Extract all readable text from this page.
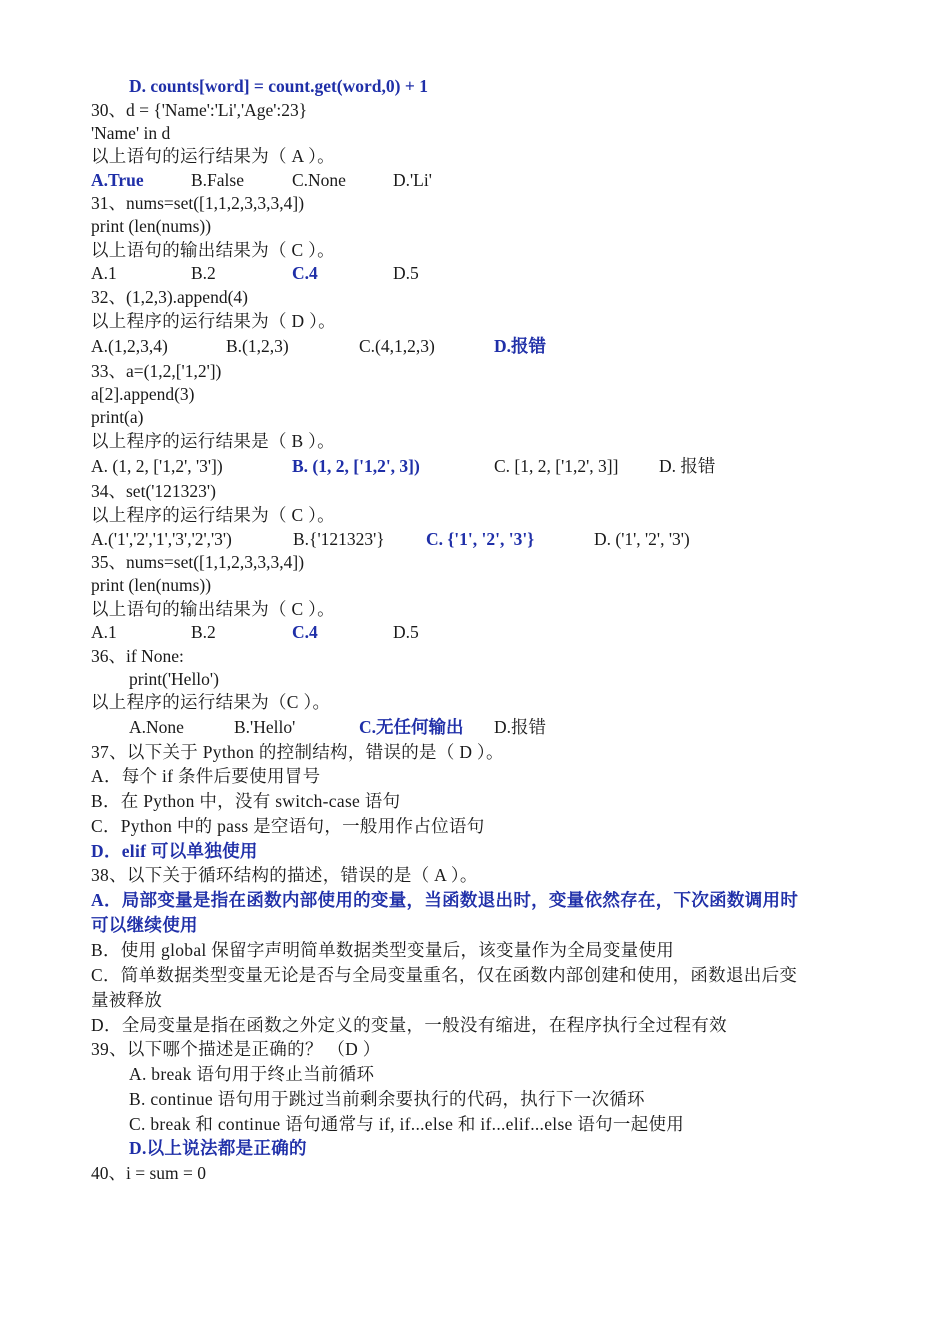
D. counts[word] = count.get(word,0) + 1
30、d = {'Name':'Li','Age':23}
'Name' in d
以上语句的运行结果为（ A ）。
A.True	B.False	C.None	D.'Li'
31、nums=set([1,1,2,3,3,3,4])
print (len(nums))
以上语句的输出结果为（ C ）。
A.1	B.2	C.4	D.5
32、(1,2,3).append(4)
以上程序的运行结果为（ D ）。
A.(1,2,3,4)	B.(1,2,3)	C.(4,1,2,3)	D.报错
33、a=(1,2,['1,2'])
a[2].append(3)
print(a)
以上程序的运行结果是（ B ）。
A. (1, 2, ['1,2', '3'])	B. (1, 2, ['1,2', 3])	C. [1, 2, ['1,2', 3]] D. 报错
34、set('121323')
以上程序的运行结果为（ C ）。
A.('1','2','1','3','2','3')	B.{'121323'} C. {'1', '2', '3'}	D. ('1', '2', '3')
35、nums=set([1,1,2,3,3,3,4])
print (len(nums))
以上语句的输出结果为（ C ）。
A.1	B.2	C.4	D.5
36、if None:
print('Hello')
以上程序的运行结果为（C ）。
A.None	B.'Hello'	C.无任何输出 D.报错
37、以下关于 Python 的控制结构，错误的是（ D ）。
A．每个 if 条件后要使用冒号
B．在 Python 中，没有 switch-case 语句
C．Python 中的 pass 是空语句，一般用作占位语句
D．elif 可以单独使用
38、以下关于循环结构的描述，错误的是（ A ）。
A．局部变量是指在函数内部使用的变量，当函数退出时，变量依然存在，下次函数调用时
可以继续使用
B．使用 global 保留字声明简单数据类型变量后，该变量作为全局变量使用
C．简单数据类型变量无论是否与全局变量重名，仅在函数内部创建和使用，函数退出后变
量被释放
D．全局变量是指在函数之外定义的变量，一般没有缩进，在程序执行全过程有效
39、以下哪个描述是正确的？ （D ）
A. break 语句用于终止当前循环
B. continue 语句用于跳过当前剩余要执行的代码，执行下一次循环
C. break 和 continue 语句通常与 if, if...else 和 if...elif...else 语句一起使用
D.以上说法都是正确的
40、i = sum = 0
